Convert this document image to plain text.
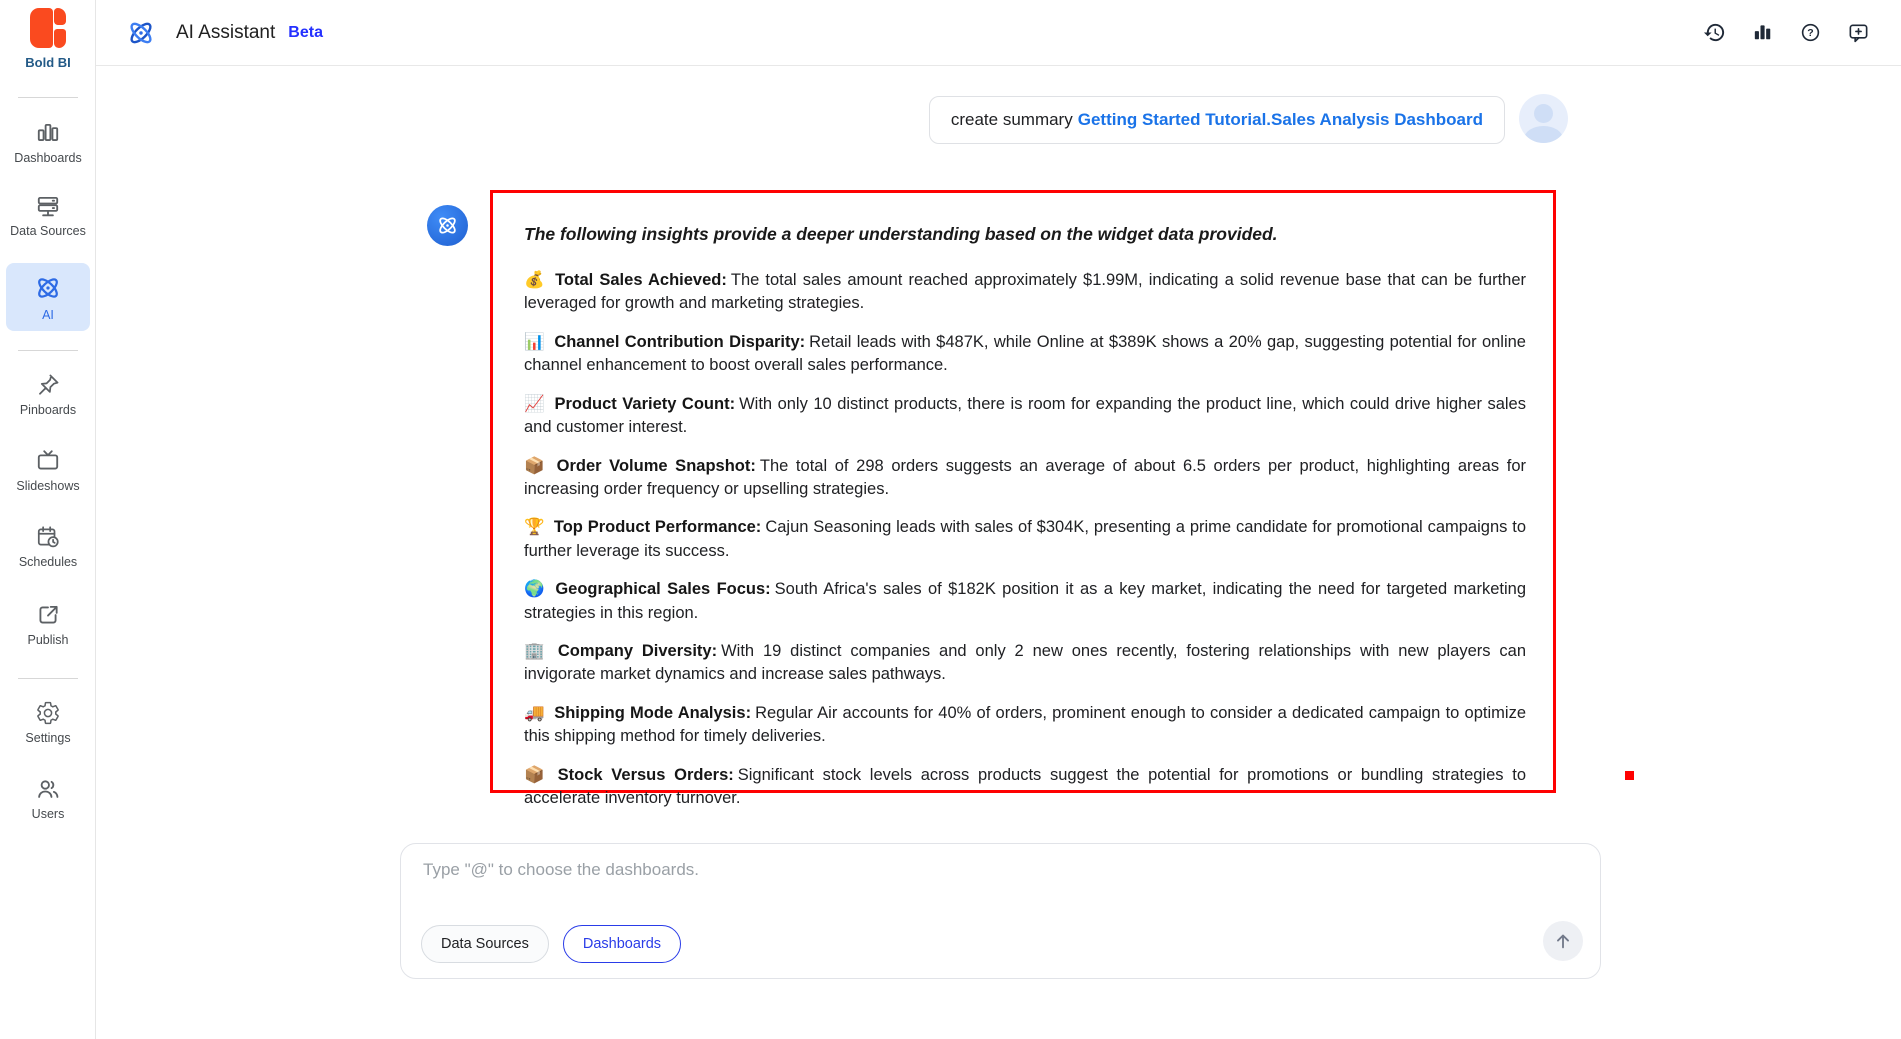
Bold BI
Dashboards
Data Sources
AI
Pinboards
Slideshows
Schedules
Publish
Settings
Users
AI Assistant Beta	?
create summary Getting Started Tutorial.Sales Analysis Dashboard
The following insights provide a deeper understanding based on the widget data provided.

💰 Total Sales Achieved: The total sales amount reached approximately $1.99M, indicating a solid revenue base that can be further leveraged for growth and marketing strategies.

📊 Channel Contribution Disparity: Retail leads with $487K, while Online at $389K shows a 20% gap, suggesting potential for online channel enhancement to boost overall sales performance.

📈 Product Variety Count: With only 10 distinct products, there is room for expanding the product line, which could drive higher sales and customer interest.

📦 Order Volume Snapshot: The total of 298 orders suggests an average of about 6.5 orders per product, highlighting areas for increasing order frequency or upselling strategies.

🏆 Top Product Performance: Cajun Seasoning leads with sales of $304K, presenting a prime candidate for promotional campaigns to further leverage its success.

🌍 Geographical Sales Focus: South Africa's sales of $182K position it as a key market, indicating the need for targeted marketing strategies in this region.

🏢 Company Diversity: With 19 distinct companies and only 2 new ones recently, fostering relationships with new players can invigorate market dynamics and increase sales pathways.

🚚 Shipping Mode Analysis: Regular Air accounts for 40% of orders, prominent enough to consider a dedicated campaign to optimize this shipping method for timely deliveries.

📦 Stock Versus Orders: Significant stock levels across products suggest the potential for promotions or bundling strategies to accelerate inventory turnover.

Type "@" to choose the dashboards.
Data Sources	Dashboards
